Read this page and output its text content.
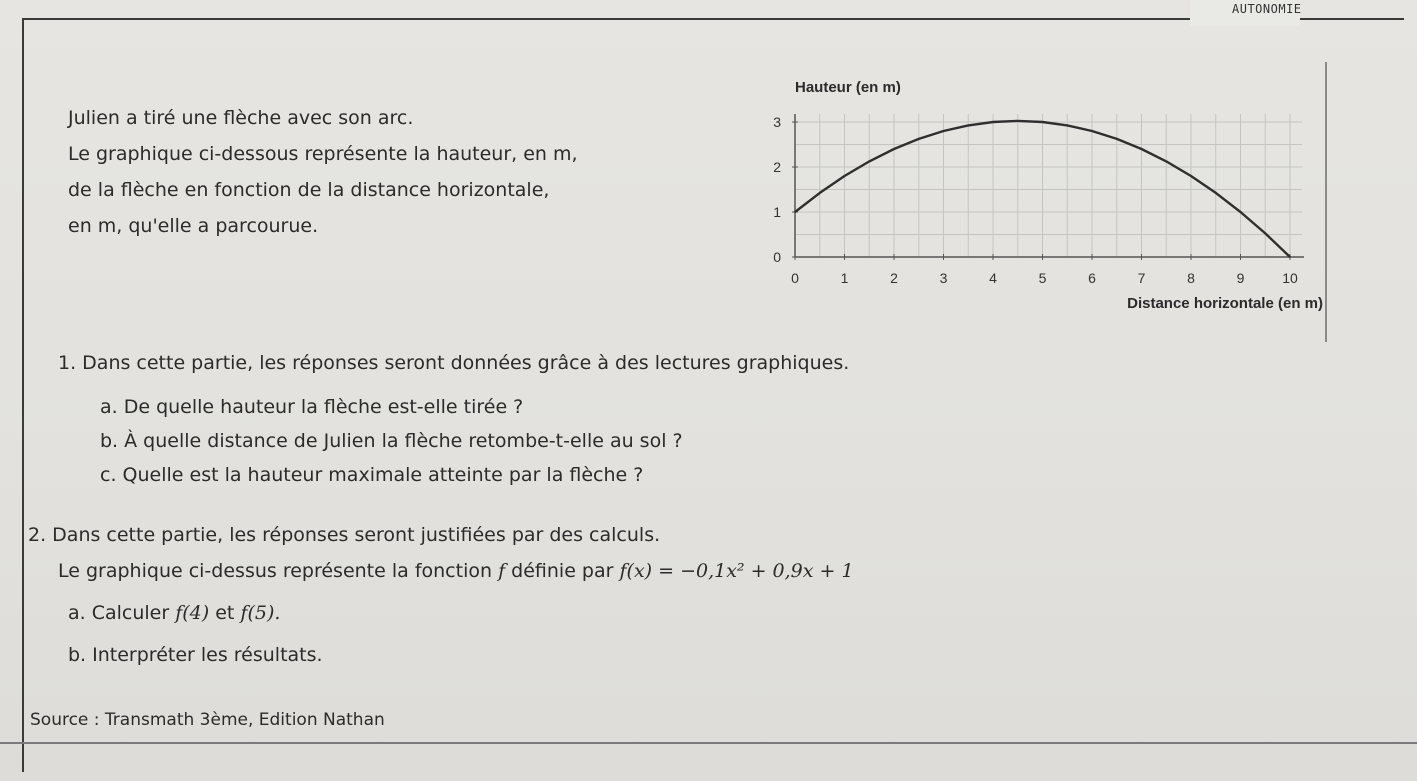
AUTONOMIE

Julien a tiré une flèche avec son arc.

Le graphique ci-dessous représente la hauteur, en m,

de la flèche en fonction de la distance horizontale,

en m, qu'elle a parcourue.

0	1	2	3	4	5	6	7	8	9	10
0
1
2
3
Hauteur (en m)
Distance horizontale (en m)
1. Dans cette partie, les réponses seront données grâce à des lectures graphiques.
a. De quelle hauteur la flèche est-elle tirée ?
b. À quelle distance de Julien la flèche retombe-t-elle au sol ?
c. Quelle est la hauteur maximale atteinte par la flèche ?
2. Dans cette partie, les réponses seront justifiées par des calculs.
Le graphique ci-dessus représente la fonction f définie par f(x) = −0,1x² + 0,9x + 1
a. Calculer f(4) et f(5).
b. Interpréter les résultats.
Source : Transmath 3ème, Edition Nathan
